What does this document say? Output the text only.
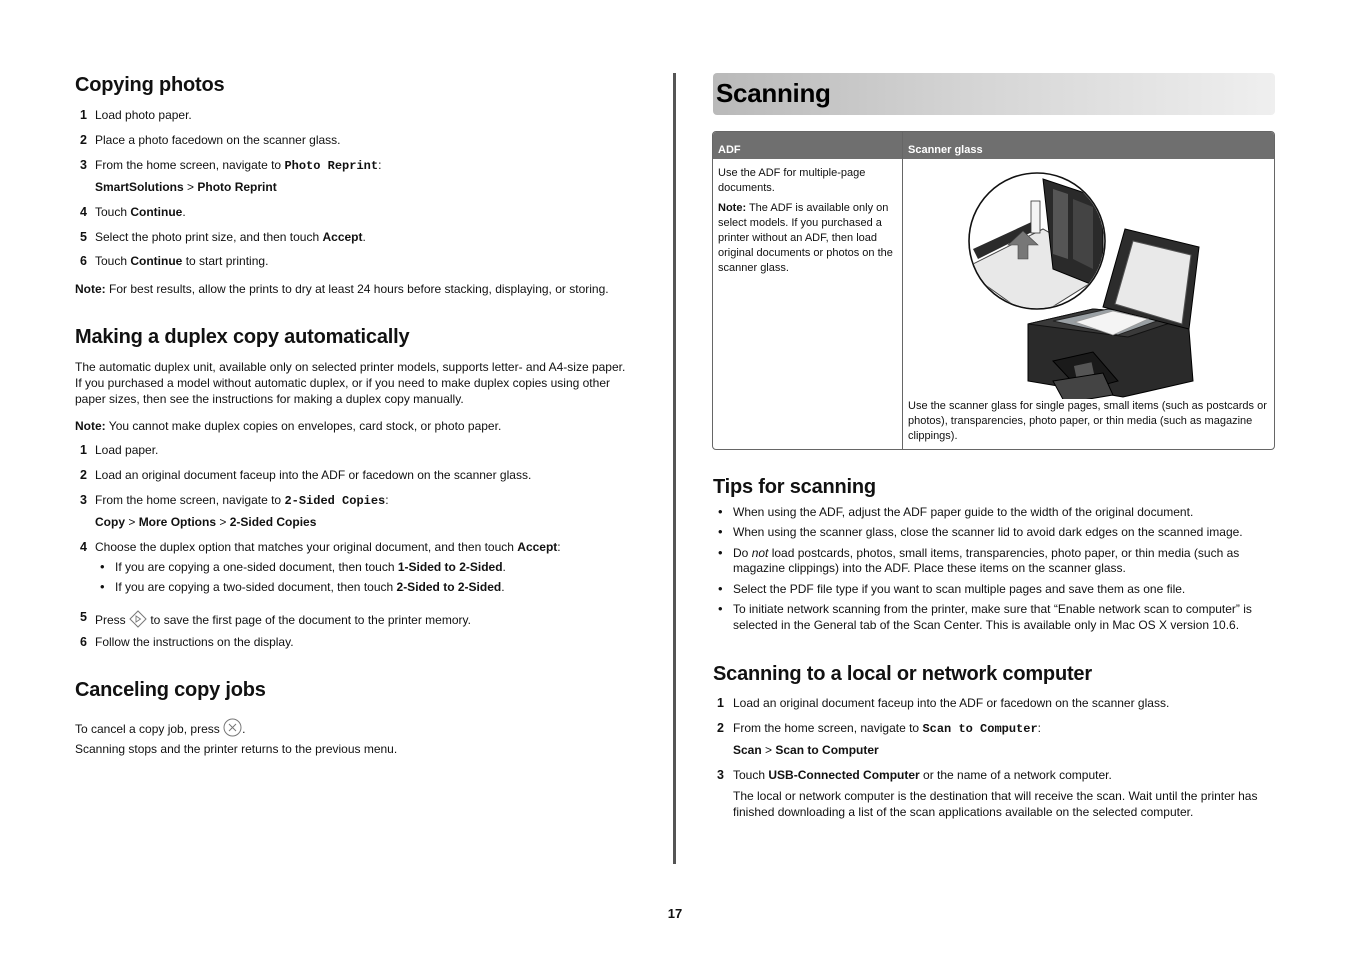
Copying photos
1 Load photo paper.
2 Place a photo facedown on the scanner glass.
3 From the home screen, navigate to Photo Reprint:
SmartSolutions > Photo Reprint
4 Touch Continue.
5 Select the photo print size, and then touch Accept.
6 Touch Continue to start printing.

Note: For best results, allow the prints to dry at least 24 hours before stacking, displaying, or storing.

Making a duplex copy automatically

The automatic duplex unit, available only on selected printer models, supports letter- and A4-size paper.

If you purchased a model without automatic duplex, or if you need to make duplex copies using other

paper sizes, then see the instructions for making a duplex copy manually.

Note: You cannot make duplex copies on envelopes, card stock, or photo paper.

1 Load paper.
2 Load an original document faceup into the ADF or facedown on the scanner glass.
3 From the home screen, navigate to 2-Sided Copies:
Copy > More Options > 2-Sided Copies
4 Choose the duplex option that matches your original document, and then touch Accept:
• If you are copying a one-sided document, then touch 1-Sided to 2-Sided.
• If you are copying a two-sided document, then touch 2-Sided to 2-Sided.
5 Press  to save the first page of the document to the printer memory.
6 Follow the instructions on the display.
Canceling copy jobs

To cancel a copy job, press .

Scanning stops and the printer returns to the previous menu.

Scanning
ADF	Scanner glass

Use the ADF for multiple-page documents.
Note: The ADF is available only on select models. If you purchased a printer without an ADF, then load original documents or photos on the scanner glass.	Use the scanner glass for single pages, small items (such as postcards or photos), transparencies, photo paper, or thin media (such as magazine clippings).
Tips for scanning
• When using the ADF, adjust the ADF paper guide to the width of the original document.
• When using the scanner glass, close the scanner lid to avoid dark edges on the scanned image.
• Do not load postcards, photos, small items, transparencies, photo paper, or thin media (such as
magazine clippings) into the ADF. Place these items on the scanner glass.
• Select the PDF file type if you want to scan multiple pages and save them as one file.
• To initiate network scanning from the printer, make sure that “Enable network scan to computer” is
selected in the General tab of the Scan Center. This is available only in Mac OS X version 10.6.
Scanning to a local or network computer
1 Load an original document faceup into the ADF or facedown on the scanner glass.
2 From the home screen, navigate to Scan to Computer:
Scan > Scan to Computer
3 Touch USB-Connected Computer or the name of a network computer.
The local or network computer is the destination that will receive the scan. Wait until the printer has
finished downloading a list of the scan applications available on the selected computer.
17
